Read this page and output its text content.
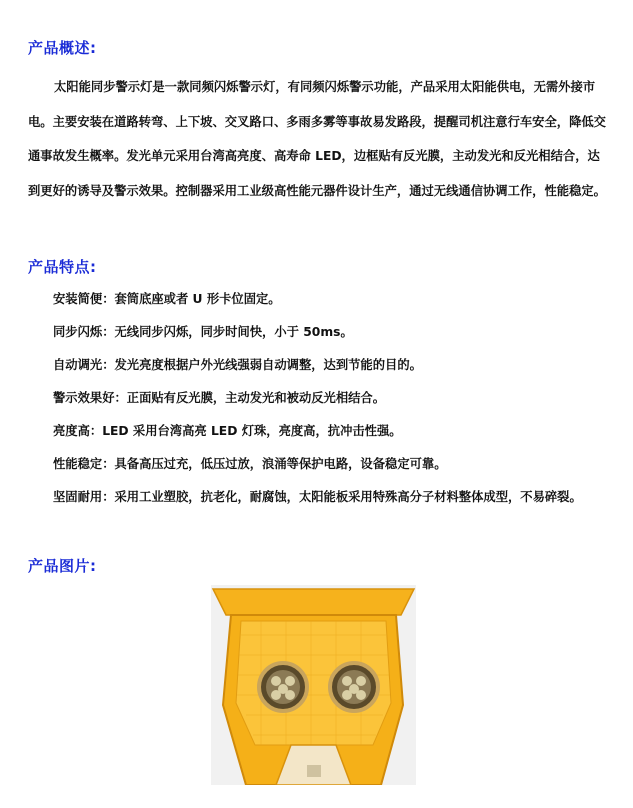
产品概述:

太阳能同步警示灯是一款同频闪烁警示灯，有同频闪烁警示功能，产品采用太阳能供电，无需外接市电。主要安装在道路转弯、上下坡、交叉路口、多雨多雾等事故易发路段，提醒司机注意行车安全，降低交通事故发生概率。发光单元采用台湾高亮度、高寿命 LED，边框贴有反光膜，主动发光和反光相结合，达到更好的诱导及警示效果。控制器采用工业级高性能元器件设计生产，通过无线通信协调工作，性能稳定。

产品特点:

安装简便：套筒底座或者 U 形卡位固定。

同步闪烁：无线同步闪烁，同步时间快，小于 50ms。

自动调光：发光亮度根据户外光线强弱自动调整，达到节能的目的。

警示效果好：正面贴有反光膜，主动发光和被动反光相结合。

亮度高：LED 采用台湾高亮 LED 灯珠，亮度高，抗冲击性强。

性能稳定：具备高压过充，低压过放，浪涌等保护电路，设备稳定可靠。

坚固耐用：采用工业塑胶，抗老化，耐腐蚀，太阳能板采用特殊高分子材料整体成型，不易碎裂。

产品图片:
